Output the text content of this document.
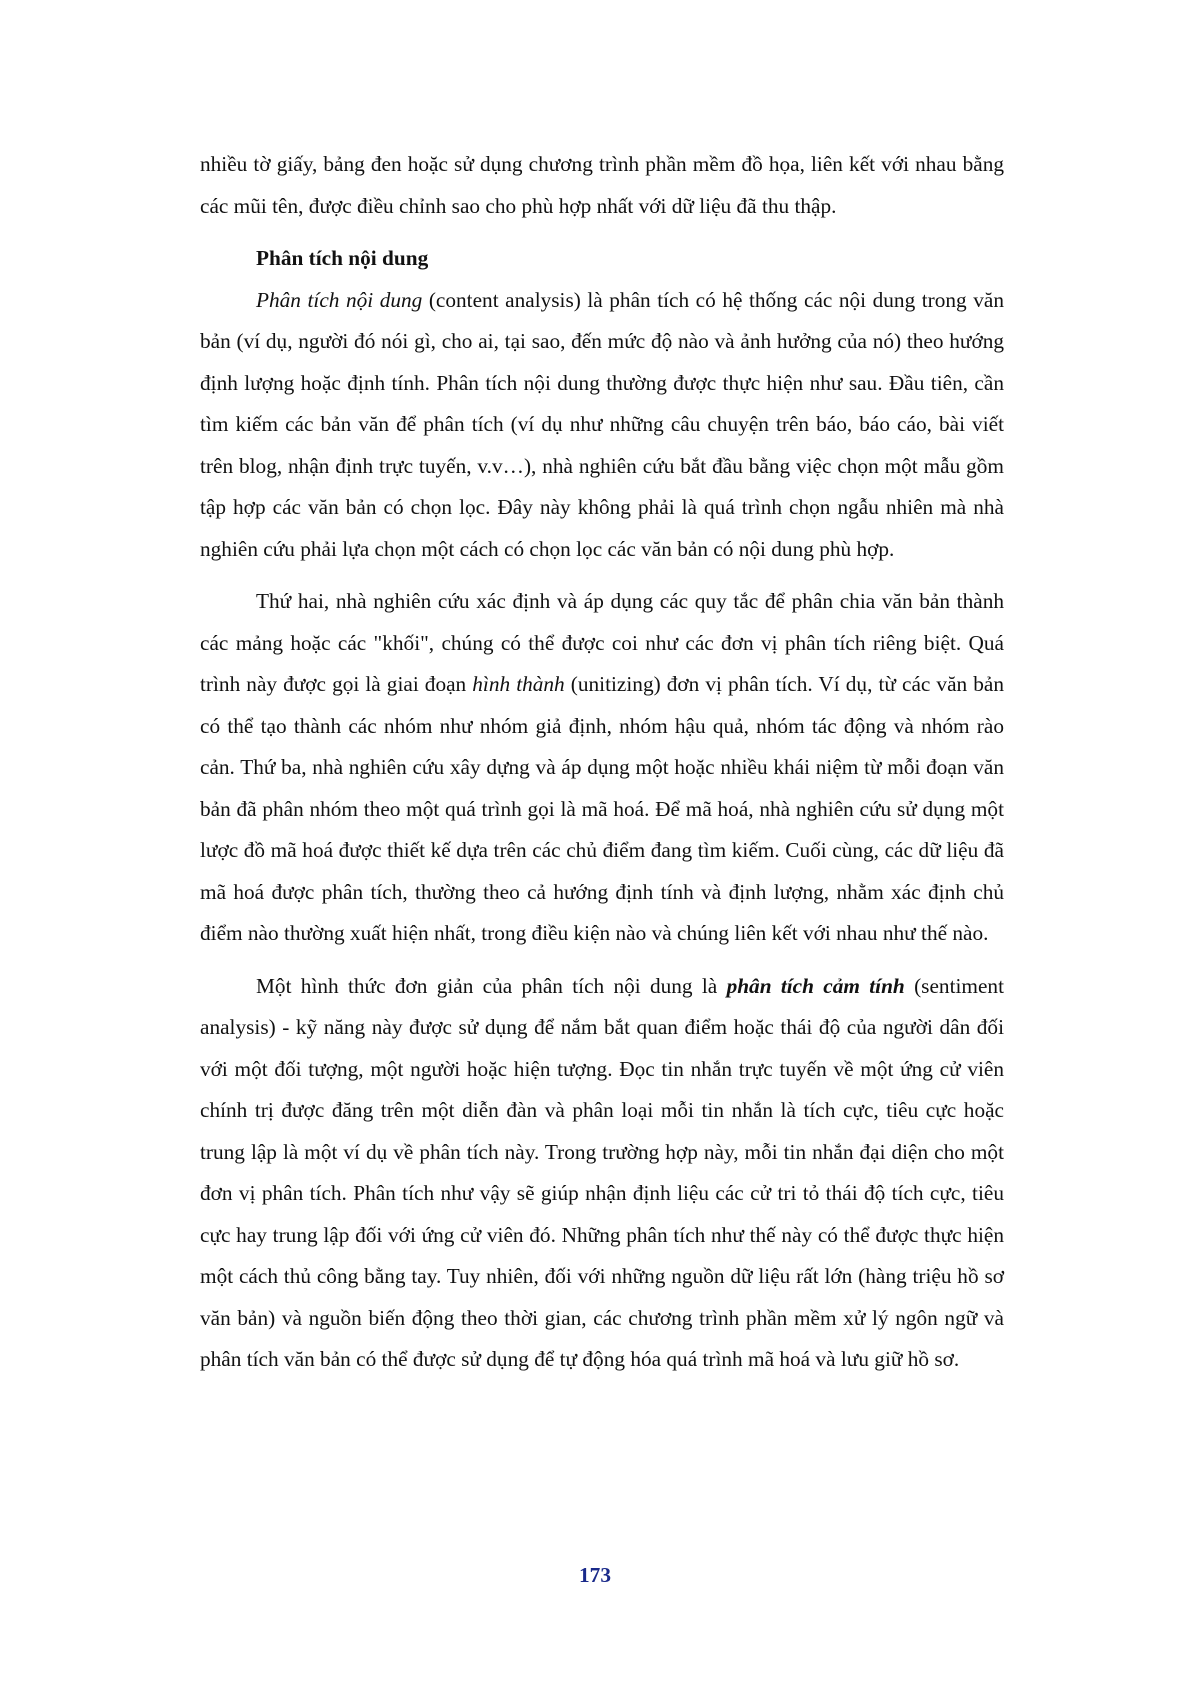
nhiều tờ giấy, bảng đen hoặc sử dụng chương trình phần mềm đồ họa, liên kết với nhau bằng các mũi tên, được điều chỉnh sao cho phù hợp nhất với dữ liệu đã thu thập.

Phân tích nội dung

Phân tích nội dung (content analysis) là phân tích có hệ thống các nội dung trong văn bản (ví dụ, người đó nói gì, cho ai, tại sao, đến mức độ nào và ảnh hưởng của nó) theo hướng định lượng hoặc định tính. Phân tích nội dung thường được thực hiện như sau. Đầu tiên, cần tìm kiếm các bản văn để phân tích (ví dụ như những câu chuyện trên báo, báo cáo, bài viết trên blog, nhận định trực tuyến, v.v…), nhà nghiên cứu bắt đầu bằng việc chọn một mẫu gồm tập hợp các văn bản có chọn lọc. Đây này không phải là quá trình chọn ngẫu nhiên mà nhà nghiên cứu phải lựa chọn một cách có chọn lọc các văn bản có nội dung phù hợp.

Thứ hai, nhà nghiên cứu xác định và áp dụng các quy tắc để phân chia văn bản thành các mảng hoặc các "khối", chúng có thể được coi như các đơn vị phân tích riêng biệt. Quá trình này được gọi là giai đoạn hình thành (unitizing) đơn vị phân tích. Ví dụ, từ các văn bản có thể tạo thành các nhóm như nhóm giả định, nhóm hậu quả, nhóm tác động và nhóm rào cản. Thứ ba, nhà nghiên cứu xây dựng và áp dụng một hoặc nhiều khái niệm từ mỗi đoạn văn bản đã phân nhóm theo một quá trình gọi là mã hoá. Để mã hoá, nhà nghiên cứu sử dụng một lược đồ mã hoá được thiết kế dựa trên các chủ điểm đang tìm kiếm. Cuối cùng, các dữ liệu đã mã hoá được phân tích, thường theo cả hướng định tính và định lượng, nhằm xác định chủ điểm nào thường xuất hiện nhất, trong điều kiện nào và chúng liên kết với nhau như thế nào.

Một hình thức đơn giản của phân tích nội dung là phân tích cảm tính (sentiment analysis) - kỹ năng này được sử dụng để nắm bắt quan điểm hoặc thái độ của người dân đối với một đối tượng, một người hoặc hiện tượng. Đọc tin nhắn trực tuyến về một ứng cử viên chính trị được đăng trên một diễn đàn và phân loại mỗi tin nhắn là tích cực, tiêu cực hoặc trung lập là một ví dụ về phân tích này. Trong trường hợp này, mỗi tin nhắn đại diện cho một đơn vị phân tích. Phân tích như vậy sẽ giúp nhận định liệu các cử tri tỏ thái độ tích cực, tiêu cực hay trung lập đối với ứng cử viên đó. Những phân tích như thế này có thể được thực hiện một cách thủ công bằng tay. Tuy nhiên, đối với những nguồn dữ liệu rất lớn (hàng triệu hồ sơ văn bản) và nguồn biến động theo thời gian, các chương trình phần mềm xử lý ngôn ngữ và phân tích văn bản có thể được sử dụng để tự động hóa quá trình mã hoá và lưu giữ hồ sơ.

173
